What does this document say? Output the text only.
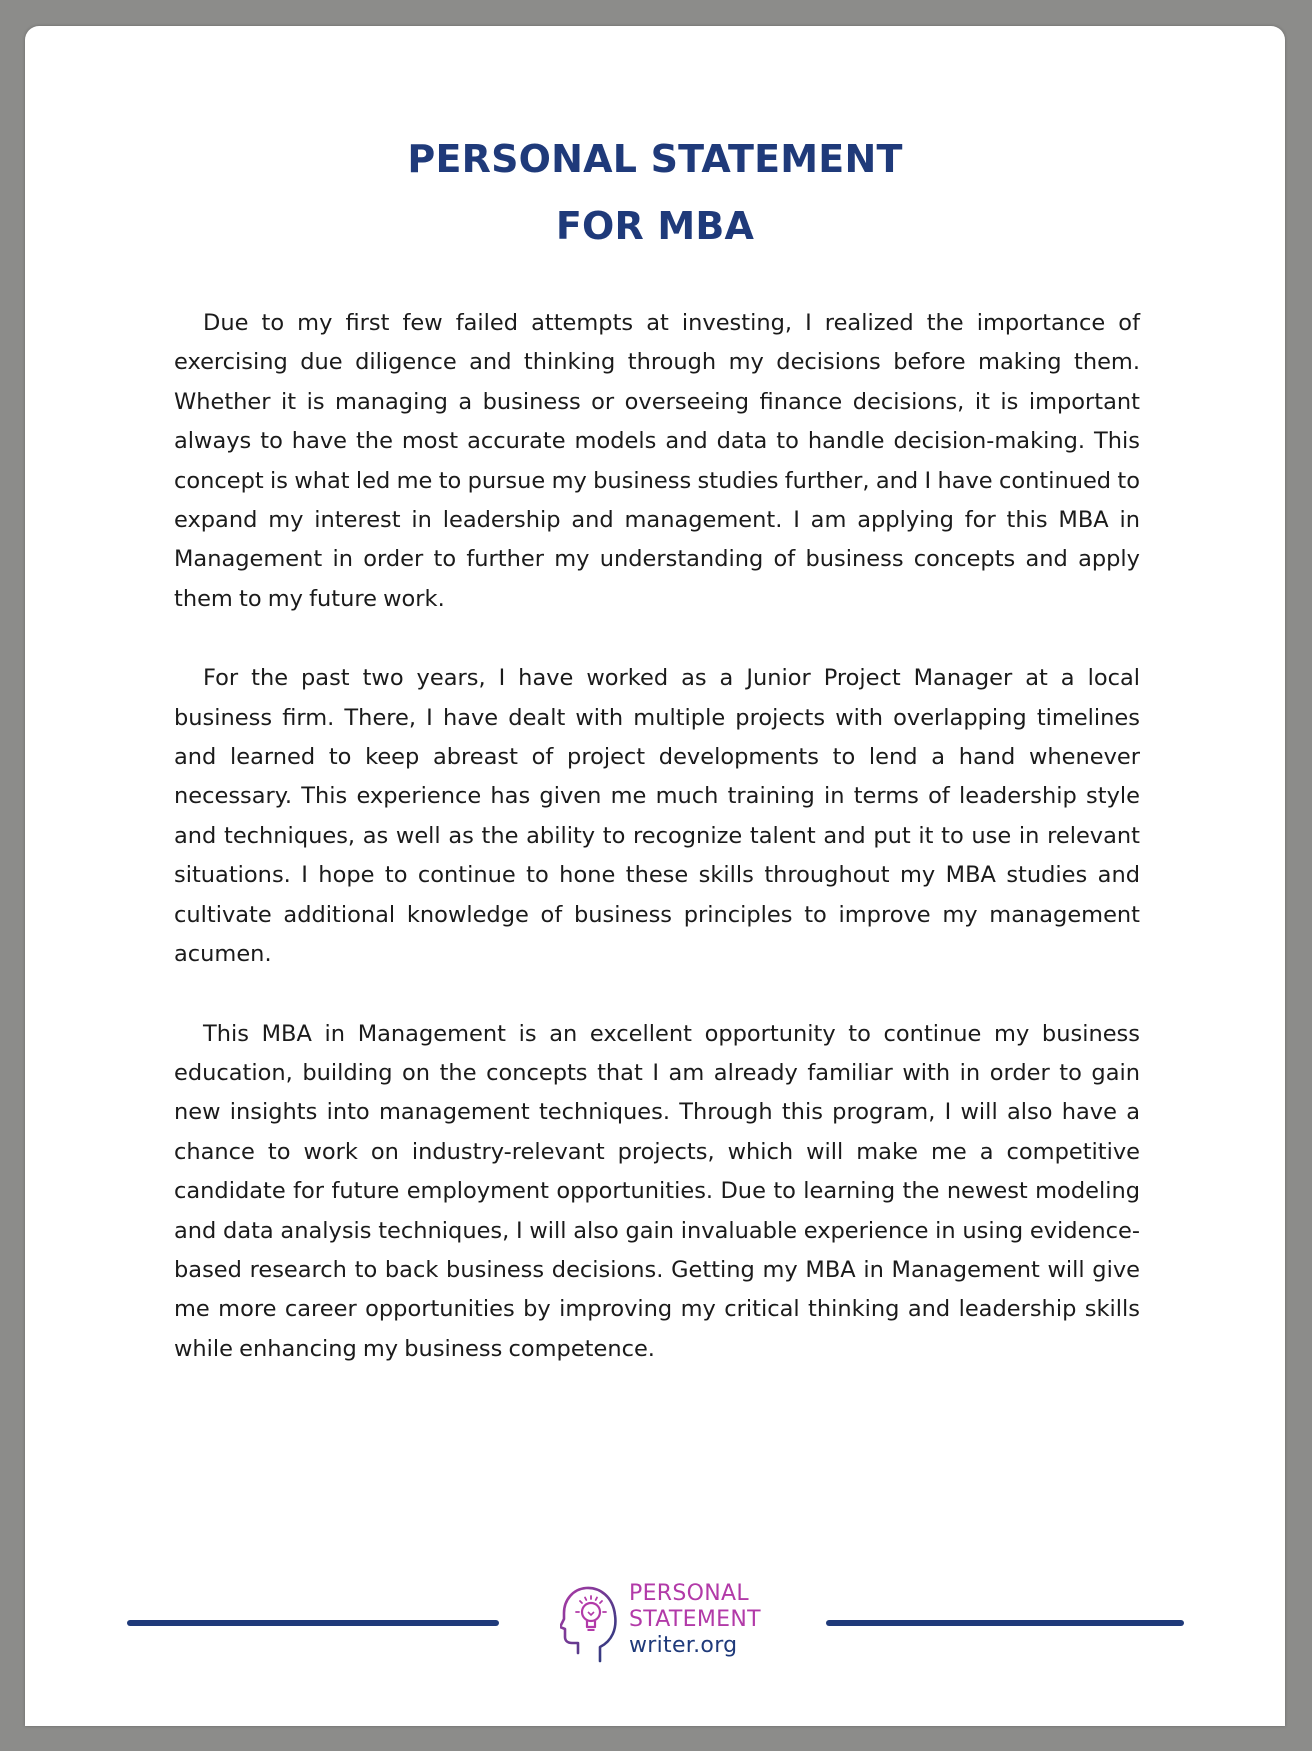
PERSONAL STATEMENT
FOR MBA

Due to my first few failed attempts at investing, I realized the importance of exercising due diligence and thinking through my decisions before making them. Whether it is managing a business or overseeing finance decisions, it is important always to have the most accurate models and data to handle decision-making. This concept is what led me to pursue my business studies further, and I have continued to expand my interest in leadership and management. I am applying for this MBA in Management in order to further my understanding of business concepts and apply them to my future work.

For the past two years, I have worked as a Junior Project Manager at a local business firm. There, I have dealt with multiple projects with overlapping timelines and learned to keep abreast of project developments to lend a hand whenever necessary. This experience has given me much training in terms of leadership style and techniques, as well as the ability to recognize talent and put it to use in relevant situations. I hope to continue to hone these skills throughout my MBA studies and cultivate additional knowledge of business principles to improve my management acumen.

This MBA in Management is an excellent opportunity to continue my business education, building on the concepts that I am already familiar with in order to gain new insights into management techniques. Through this program, I will also have a chance to work on industry-relevant projects, which will make me a competitive candidate for future employment opportunities. Due to learning the newest modeling and data analysis techniques, I will also gain invaluable experience in using evidence-based research to back business decisions. Getting my MBA in Management will give me more career opportunities by improving my critical thinking and leadership skills while enhancing my business competence.

PERSONAL
STATEMENT
writer.org
